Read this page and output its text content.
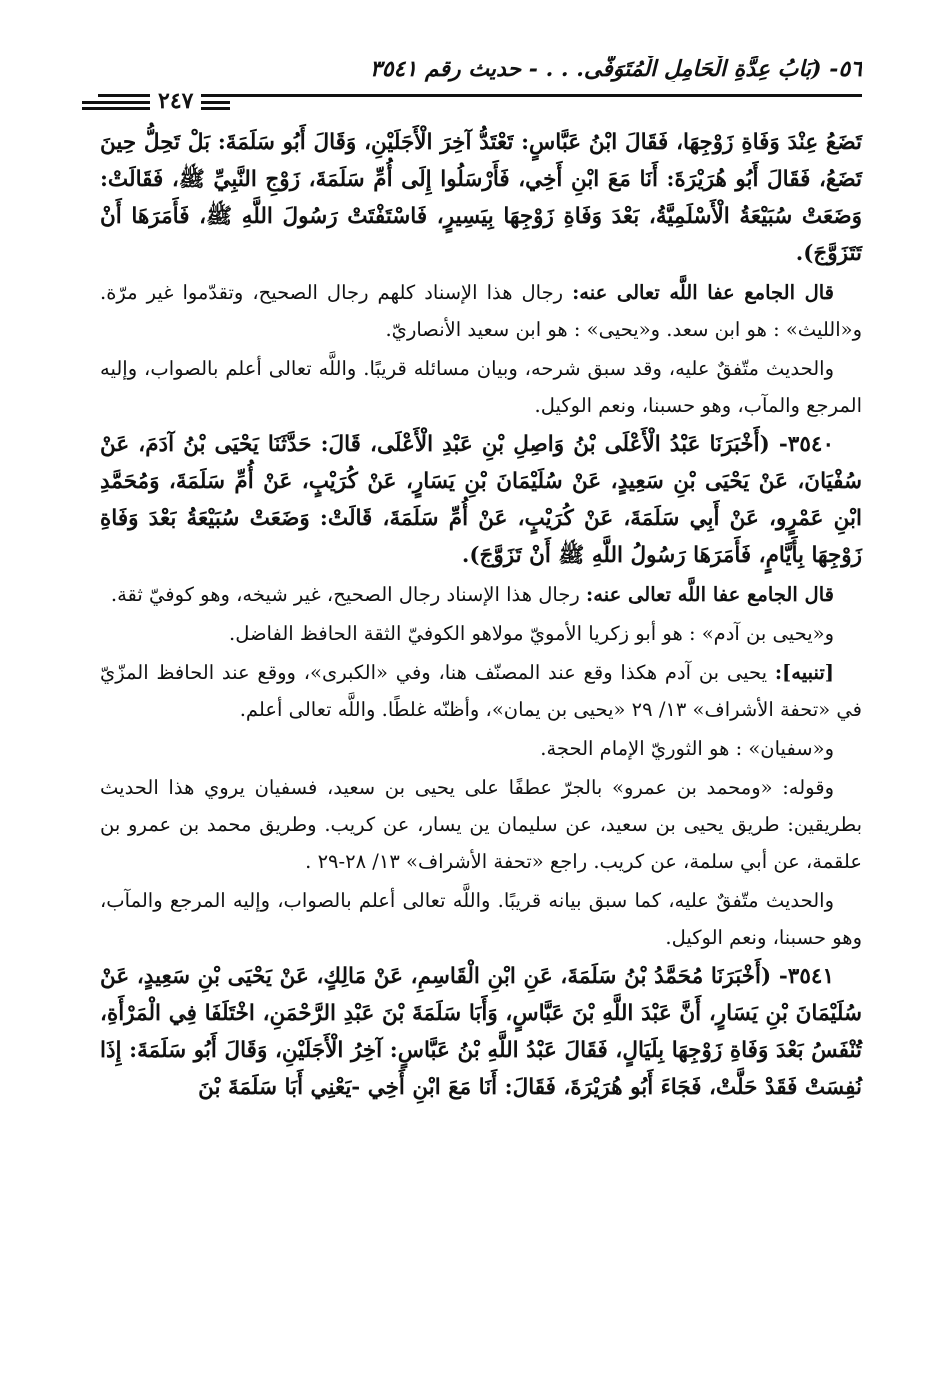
٥٦- (بَابُ عِدَّةِ الْحَامِلِ الْمُتَوَفَّى. . . - حديث رقم ٣٥٤١
٢٤٧

تَضَعُ عِنْدَ وَفَاةِ زَوْجِهَا، فَقَالَ ابْنُ عَبَّاسٍ: تَعْتَدُّ آخِرَ الْأَجَلَيْنِ، وَقَالَ أَبُو سَلَمَةَ: بَلْ تَحِلُّ حِينَ تَضَعُ، فَقَالَ أَبُو هُرَيْرَةَ: أَنَا مَعَ ابْنِ أَخِي، فَأَرْسَلُوا إِلَى أُمِّ سَلَمَةَ، زَوْجِ النَّبِيِّ ﷺ، فَقَالَتْ: وَضَعَتْ سُبَيْعَةُ الْأَسْلَمِيَّةُ، بَعْدَ وَفَاةِ زَوْجِهَا بِيَسِيرٍ، فَاسْتَفْتَتْ رَسُولَ اللَّهِ ﷺ، فَأَمَرَهَا أَنْ تَتَزَوَّجَ).

قال الجامع عفا اللَّه تعالى عنه: رجال هذا الإسناد كلهم رجال الصحيح، وتقدّموا غير مرّة. و«الليث» : هو ابن سعد. و«يحيى» : هو ابن سعيد الأنصاريّ.

والحديث متّفقٌ عليه، وقد سبق شرحه، وبيان مسائله قريبًا. واللَّه تعالى أعلم بالصواب، وإليه المرجع والمآب، وهو حسبنا، ونعم الوكيل.

٣٥٤٠- (أَخْبَرَنَا عَبْدُ الْأَعْلَى بْنُ وَاصِلِ بْنِ عَبْدِ الْأَعْلَى، قَالَ: حَدَّثَنَا يَحْيَى بْنُ آدَمَ، عَنْ سُفْيَانَ، عَنْ يَحْيَى بْنِ سَعِيدٍ، عَنْ سُلَيْمَانَ بْنِ يَسَارٍ، عَنْ كُرَيْبٍ، عَنْ أُمِّ سَلَمَةَ، وَمُحَمَّدِ ابْنِ عَمْرٍو، عَنْ أَبِي سَلَمَةَ، عَنْ كُرَيْبٍ، عَنْ أُمِّ سَلَمَةَ، قَالَتْ: وَضَعَتْ سُبَيْعَةُ بَعْدَ وَفَاةِ زَوْجِهَا بِأَيَّامٍ، فَأَمَرَهَا رَسُولُ اللَّهِ ﷺ أَنْ تَزَوَّجَ).

قال الجامع عفا اللَّه تعالى عنه: رجال هذا الإسناد رجال الصحيح، غير شيخه، وهو كوفيّ ثقة.

و«يحيى بن آدم» : هو أبو زكريا الأمويّ مولاهو الكوفيّ الثقة الحافظ الفاضل.

[تنبيه]: يحيى بن آدم هكذا وقع عند المصنّف هنا، وفي «الكبرى»، ووقع عند الحافظ المزّيّ في «تحفة الأشراف» ١٣/ ٢٩ «يحيى بن يمان»، وأظنّه غلطًا. واللَّه تعالى أعلم.

و«سفيان» : هو الثوريّ الإمام الحجة.

وقوله: «ومحمد بن عمرو» بالجرّ عطفًا على يحيى بن سعيد، فسفيان يروي هذا الحديث بطريقين: طريق يحيى بن سعيد، عن سليمان ين يسار، عن كريب. وطريق محمد بن عمرو بن علقمة، عن أبي سلمة، عن كريب. راجع «تحفة الأشراف» ١٣/ ٢٨-٢٩ .

والحديث متّفقٌ عليه، كما سبق بيانه قريبًا. واللَّه تعالى أعلم بالصواب، وإليه المرجع والمآب، وهو حسبنا، ونعم الوكيل.

٣٥٤١- (أَخْبَرَنَا مُحَمَّدُ بْنُ سَلَمَةَ، عَنِ ابْنِ الْقَاسِمِ، عَنْ مَالِكٍ، عَنْ يَحْيَى بْنِ سَعِيدٍ، عَنْ سُلَيْمَانَ بْنِ يَسَارٍ، أَنَّ عَبْدَ اللَّهِ بْنَ عَبَّاسٍ، وَأَبَا سَلَمَةَ بْنَ عَبْدِ الرَّحْمَنِ، اخْتَلَفَا فِي الْمَرْأَةِ، تُنْفَسُ بَعْدَ وَفَاةِ زَوْجِهَا بِلَيَالٍ، فَقَالَ عَبْدُ اللَّهِ بْنُ عَبَّاسٍ: آخِرُ الْأَجَلَيْنِ، وَقَالَ أَبُو سَلَمَةَ: إِذَا نُفِسَتْ فَقَدْ حَلَّتْ، فَجَاءَ أَبُو هُرَيْرَةَ، فَقَالَ: أَنَا مَعَ ابْنِ أَخِي -يَعْنِي أَبَا سَلَمَةَ بْنَ
